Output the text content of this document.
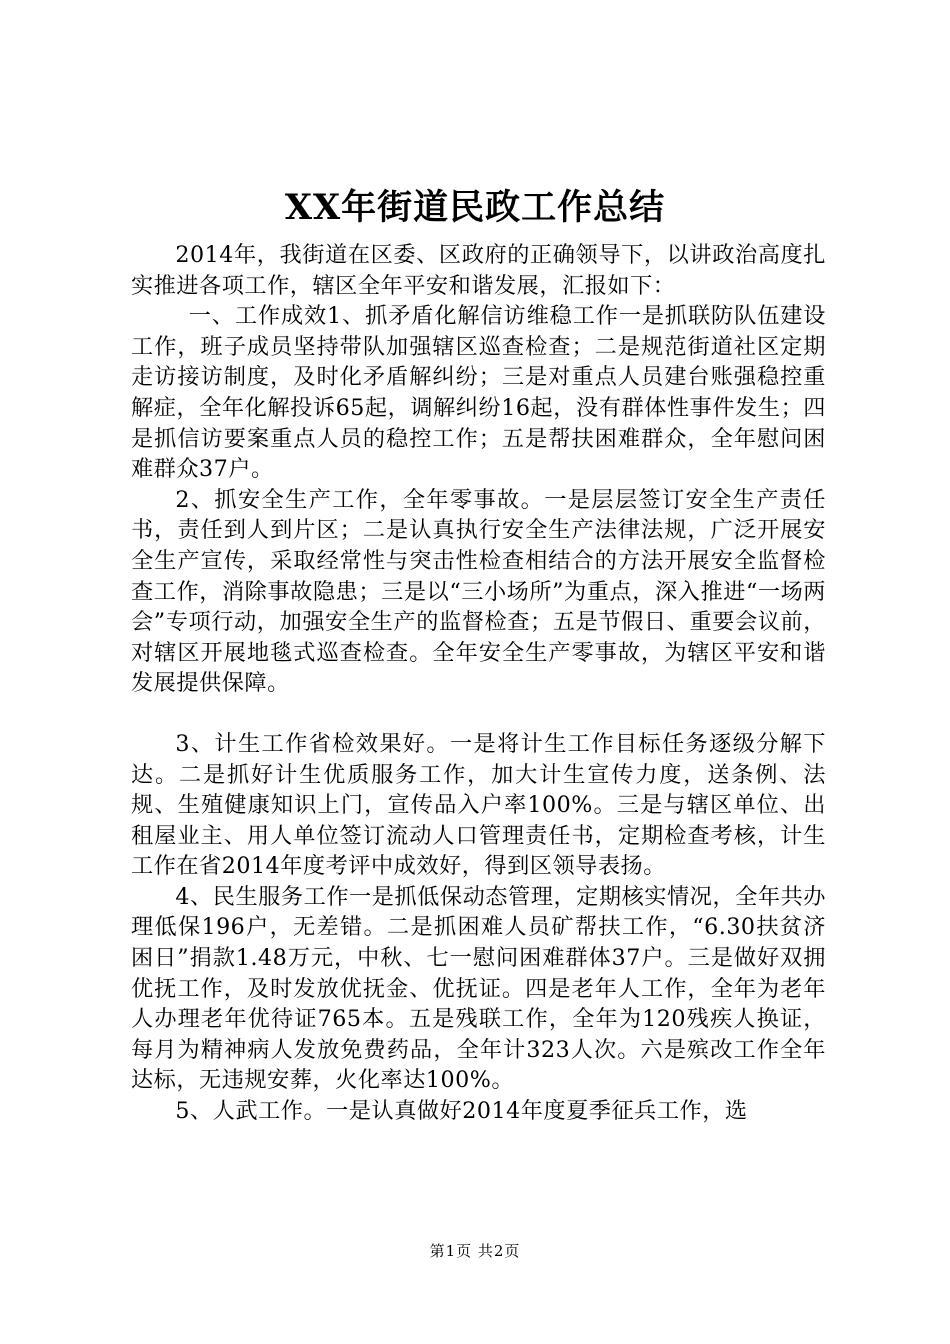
XX年街道民政工作总结

2014年，我街道在区委、区政府的正确领导下，以讲政治高度扎实推进各项工作，辖区全年平安和谐发展，汇报如下：

一、工作成效1、抓矛盾化解信访维稳工作一是抓联防队伍建设工作，班子成员坚持带队加强辖区巡查检查；二是规范街道社区定期走访接访制度，及时化矛盾解纠纷；三是对重点人员建台账强稳控重解症，全年化解投诉65起，调解纠纷16起，没有群体性事件发生；四是抓信访要案重点人员的稳控工作；五是帮扶困难群众，全年慰问困难群众37户。

2、抓安全生产工作，全年零事故。一是层层签订安全生产责任书，责任到人到片区；二是认真执行安全生产法律法规，广泛开展安全生产宣传，采取经常性与突击性检查相结合的方法开展安全监督检查工作，消除事故隐患；三是以“三小场所”为重点，深入推进“一场两会”专项行动，加强安全生产的监督检查；五是节假日、重要会议前，对辖区开展地毯式巡查检查。全年安全生产零事故，为辖区平安和谐发展提供保障。

3、计生工作省检效果好。一是将计生工作目标任务逐级分解下达。二是抓好计生优质服务工作，加大计生宣传力度，送条例、法规、生殖健康知识上门，宣传品入户率100%。三是与辖区单位、出租屋业主、用人单位签订流动人口管理责任书，定期检查考核，计生工作在省2014年度考评中成效好，得到区领导表扬。

4、民生服务工作一是抓低保动态管理，定期核实情况，全年共办理低保196户，无差错。二是抓困难人员矿帮扶工作，“6.30扶贫济困日”捐款1.48万元，中秋、七一慰问困难群体37户。三是做好双拥优抚工作，及时发放优抚金、优抚证。四是老年人工作，全年为老年人办理老年优待证765本。五是残联工作，全年为120残疾人换证，每月为精神病人发放免费药品，全年计323人次。六是殡改工作全年达标，无违规安葬，火化率达100%。

5、人武工作。一是认真做好2014年度夏季征兵工作，选

第1页 共2页
